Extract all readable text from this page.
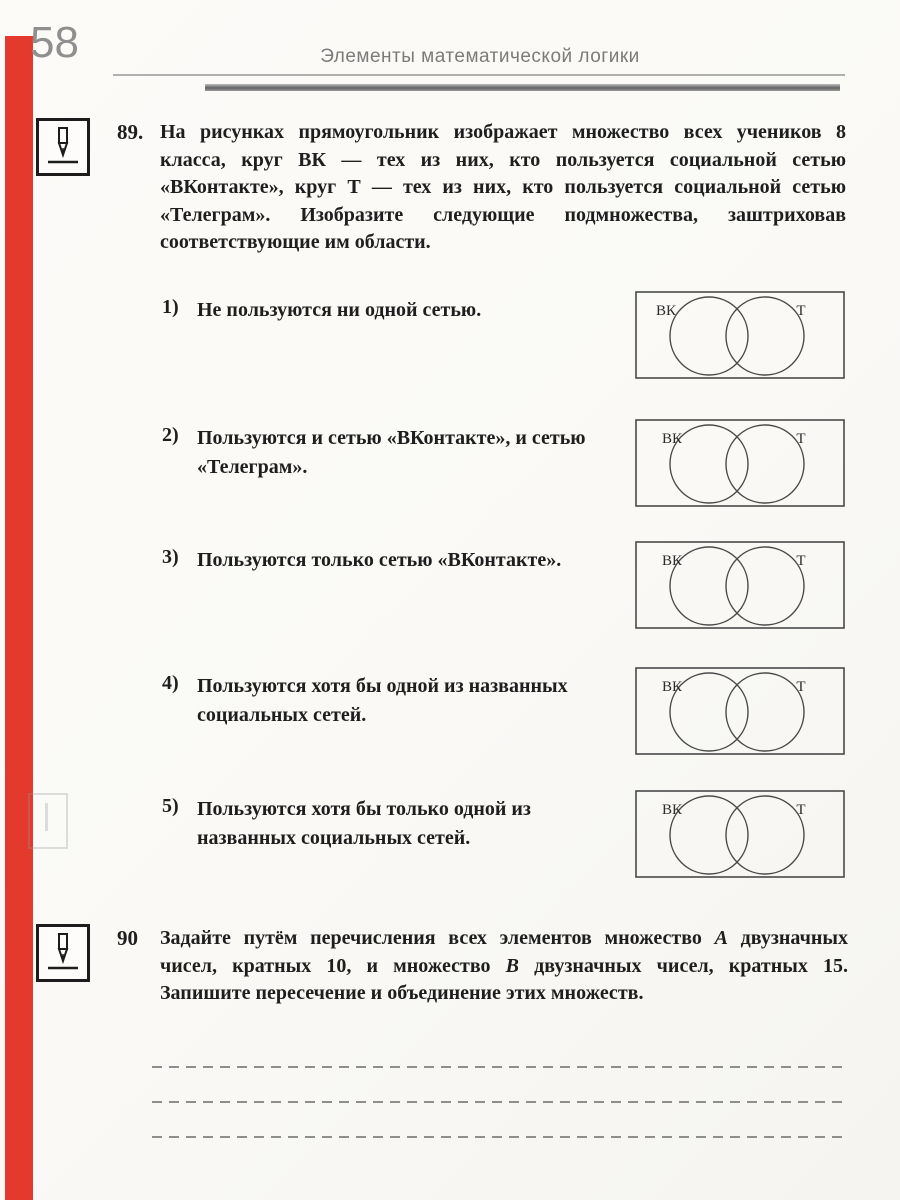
58	Элементы математической логики
89. На рисунках прямоугольник изображает множество всех учеников 8 класса, круг ВК — тех из них, кто пользуется социальной сетью «ВКонтакте», круг Т — тех из них, кто пользуется социальной сетью «Телеграм». Изобразите следующие подмножества, заштриховав соответствующие им области.
1) Не пользуются ни одной сетью.	ВК	Т
2) Пользуются и сетью «ВКонтакте», и сетью «Телеграм».
ВК	Т
3) Пользуются только сетью «ВКонтакте».	ВК	Т
4) Пользуются хотя бы одной из названных социальных сетей.
ВК	Т
5) Пользуются хотя бы только одной из названных социальных сетей.
ВК	Т
90 Задайте путём перечисления всех элементов множество A двузначных чисел, кратных 10, и множество B двузначных чисел, кратных 15. Запишите пересечение и объединение этих множеств.
